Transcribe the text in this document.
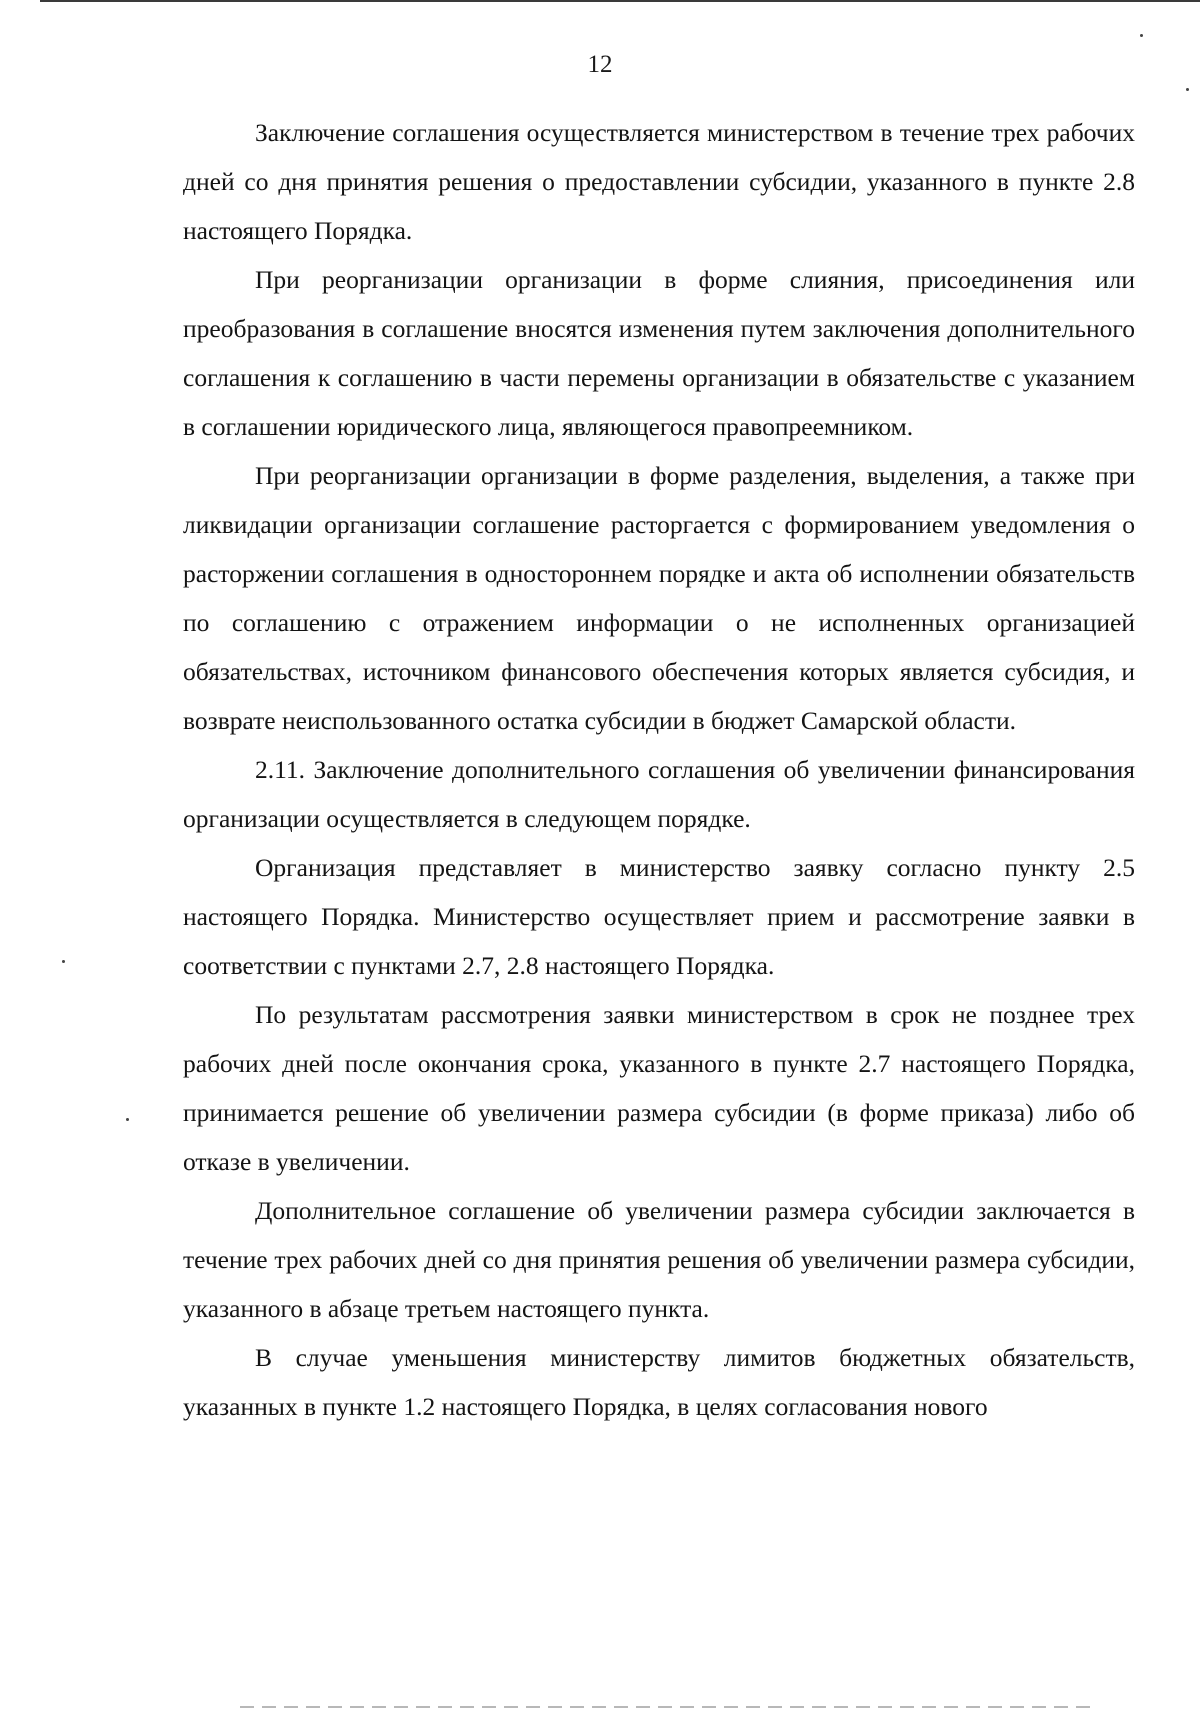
12

Заключение соглашения осуществляется министерством в течение трех рабочих дней со дня принятия решения о предоставлении субсидии, указанного в пункте 2.8 настоящего Порядка.

При реорганизации организации в форме слияния, присоединения или преобразования в соглашение вносятся изменения путем заключения дополнительного соглашения к соглашению в части перемены организации в обязательстве с указанием в соглашении юридического лица, являющегося правопреемником.

При реорганизации организации в форме разделения, выделения, а также при ликвидации организации соглашение расторгается с формированием уведомления о расторжении соглашения в одностороннем порядке и акта об исполнении обязательств по соглашению с отражением информации о не исполненных организацией обязательствах, источником финансового обеспечения которых является субсидия, и возврате неиспользованного остатка субсидии в бюджет Самарской области.

2.11. Заключение дополнительного соглашения об увеличении финансирования организации осуществляется в следующем порядке.

Организация представляет в министерство заявку согласно пункту 2.5 настоящего Порядка. Министерство осуществляет прием и рассмотрение заявки в соответствии с пунктами 2.7, 2.8 настоящего Порядка.

По результатам рассмотрения заявки министерством в срок не позднее трех рабочих дней после окончания срока, указанного в пункте 2.7 настоящего Порядка, принимается решение об увеличении размера субсидии (в форме приказа) либо об отказе в увеличении.

Дополнительное соглашение об увеличении размера субсидии заключается в течение трех рабочих дней со дня принятия решения об увеличении размера субсидии, указанного в абзаце третьем настоящего пункта.

В случае уменьшения министерству лимитов бюджетных обязательств, указанных в пункте 1.2 настоящего Порядка, в целях согласования нового
